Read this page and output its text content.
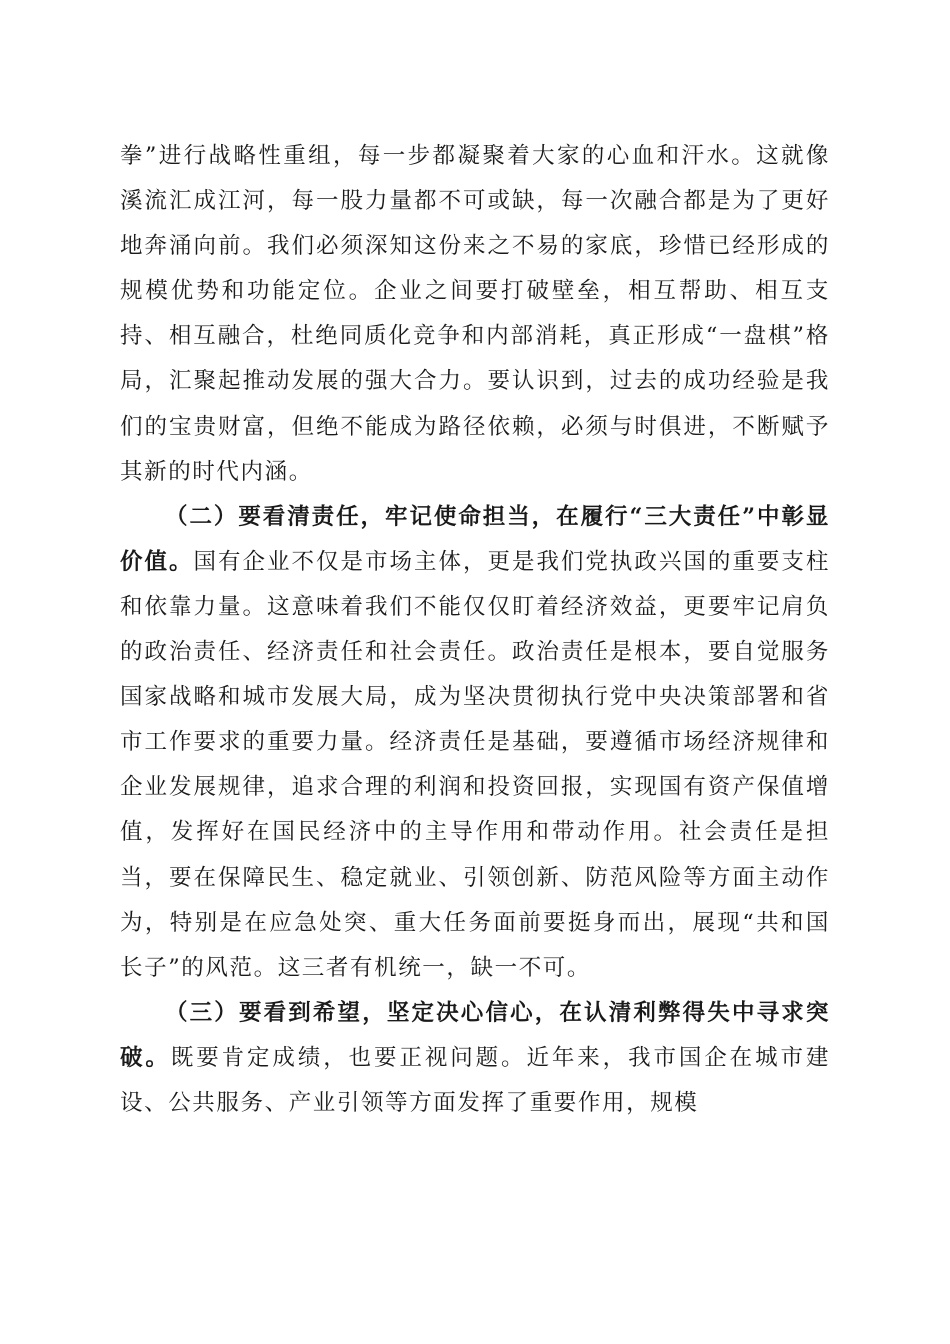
拳”进行战略性重组，每一步都凝聚着大家的心血和汗水。这就像溪流汇成江河，每一股力量都不可或缺，每一次融合都是为了更好地奔涌向前。我们必须深知这份来之不易的家底，珍惜已经形成的规模优势和功能定位。企业之间要打破壁垒，相互帮助、相互支持、相互融合，杜绝同质化竞争和内部消耗，真正形成“一盘棋”格局，汇聚起推动发展的强大合力。要认识到，过去的成功经验是我们的宝贵财富，但绝不能成为路径依赖，必须与时俱进，不断赋予其新的时代内涵。

（二）要看清责任，牢记使命担当，在履行“三大责任”中彰显价值。国有企业不仅是市场主体，更是我们党执政兴国的重要支柱和依靠力量。这意味着我们不能仅仅盯着经济效益，更要牢记肩负的政治责任、经济责任和社会责任。政治责任是根本，要自觉服务国家战略和城市发展大局，成为坚决贯彻执行党中央决策部署和省市工作要求的重要力量。经济责任是基础，要遵循市场经济规律和企业发展规律，追求合理的利润和投资回报，实现国有资产保值增值，发挥好在国民经济中的主导作用和带动作用。社会责任是担当，要在保障民生、稳定就业、引领创新、防范风险等方面主动作为，特别是在应急处突、重大任务面前要挺身而出，展现“共和国长子”的风范。这三者有机统一，缺一不可。

（三）要看到希望，坚定决心信心，在认清利弊得失中寻求突破。既要肯定成绩，也要正视问题。近年来，我市国企在城市建设、公共服务、产业引领等方面发挥了重要作用，规模
